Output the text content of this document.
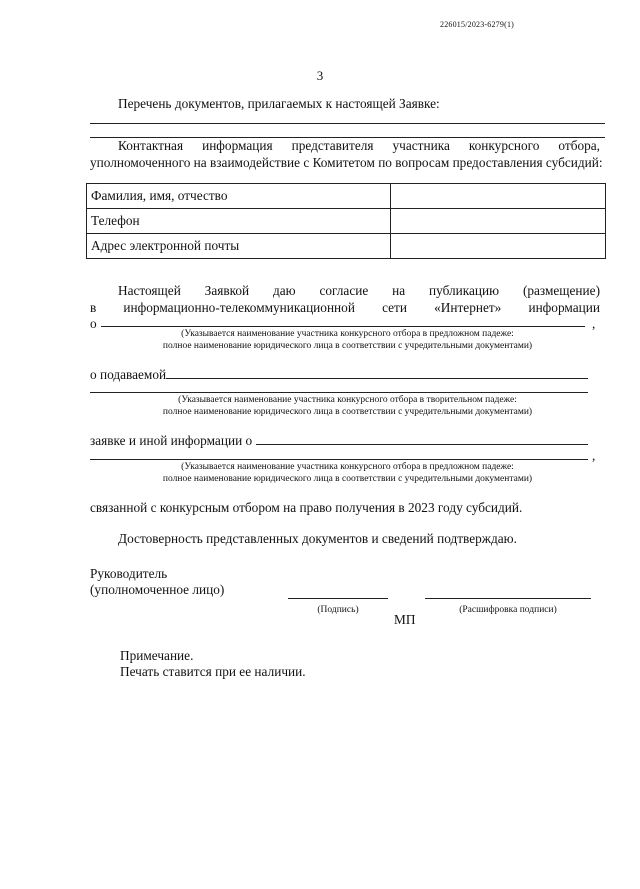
226015/2023-6279(1)
3
Перечень документов, прилагаемых к настоящей Заявке:
Контактная информация представителя участника конкурсного отбора,
уполномоченного на взаимодействие с Комитетом по вопросам предоставления субсидий:
Фамилия, имя, отчество	
Телефон	
Адрес электронной почты	
Настоящей Заявкой даю согласие на публикацию (размещение)
в информационно-телекоммуникационной сети «Интернет» информации
о	,
(Указывается наименование участника конкурсного отбора в предложном падеже:
полное наименование юридического лица в соответствии с учредительными документами)
о подаваемой
(Указывается наименование участника конкурсного отбора в творительном падеже:
полное наименование юридического лица в соответствии с учредительными документами)
заявке и иной информации о
,
(Указывается наименование участника конкурсного отбора в предложном падеже:
полное наименование юридического лица в соответствии с учредительными документами)
связанной с конкурсным отбором на право получения в 2023 году субсидий.
Достоверность представленных документов и сведений подтверждаю.
Руководитель
(уполномоченное лицо)
(Подпись)	(Расшифровка подписи)
МП
Примечание.
Печать ставится при ее наличии.
